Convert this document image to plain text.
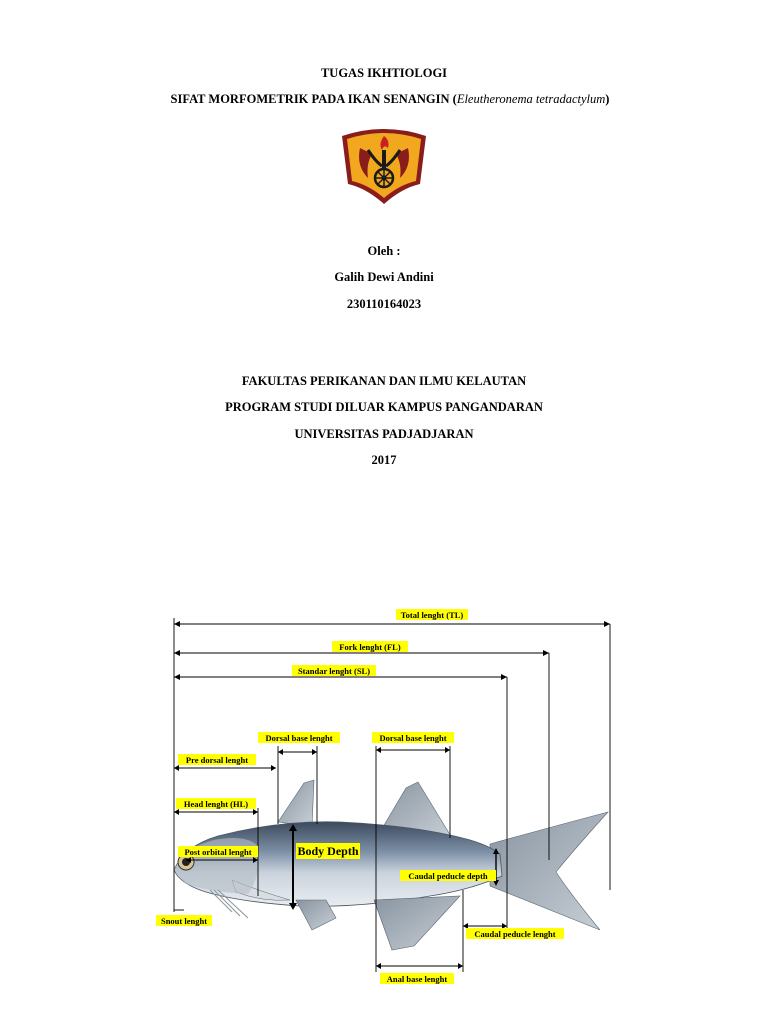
TUGAS IKHTIOLOGI
SIFAT MORFOMETRIK PADA IKAN SENANGIN (Eleutheronema tetradactylum)
Oleh :
Galih Dewi Andini
230110164023
FAKULTAS PERIKANAN DAN ILMU KELAUTAN
PROGRAM STUDI DILUAR KAMPUS PANGANDARAN
UNIVERSITAS PADJADJARAN
2017
Total lenght (TL)
Fork lenght (FL)
Standar lenght (SL)
Dorsal base lenght	Dorsal base lenght
Pre dorsal lenght
Head lenght (HL)
Post orbital lenght	Body Depth
Caudal peducle depth
Snout lenght
Caudal peducle lenght
Anal base lenght
